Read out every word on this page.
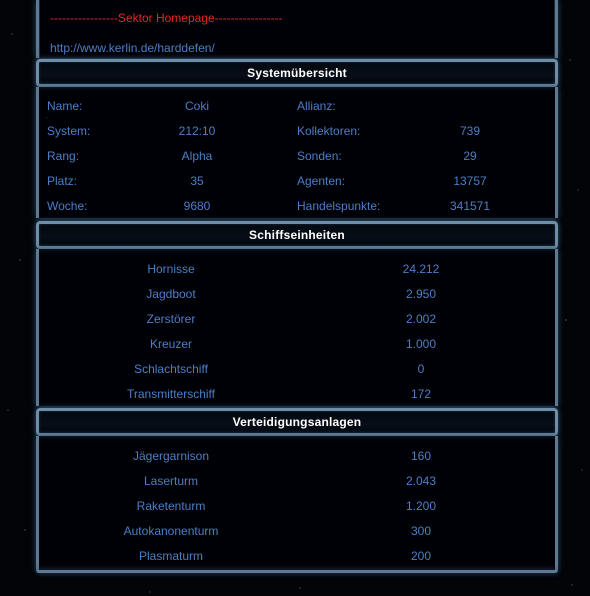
-----------------Sektor Homepage-----------------
http://www.kerlin.de/harddefen/
Systemübersicht
Name:	Coki	Allianz:
System:	212:10	Kollektoren:	739
Rang:	Alpha	Sonden:	29
Platz:	35	Agenten:	13757
Woche:	9680	Handelspunkte:	341571
Schiffseinheiten
Hornisse	24.212
Jagdboot	2.950
Zerstörer	2.002
Kreuzer	1.000
Schlachtschiff	0
Transmitterschiff	172
Verteidigungsanlagen
Jägergarnison	160
Laserturm	2.043
Raketenturm	1.200
Autokanonenturm	300
Plasmaturm	200
